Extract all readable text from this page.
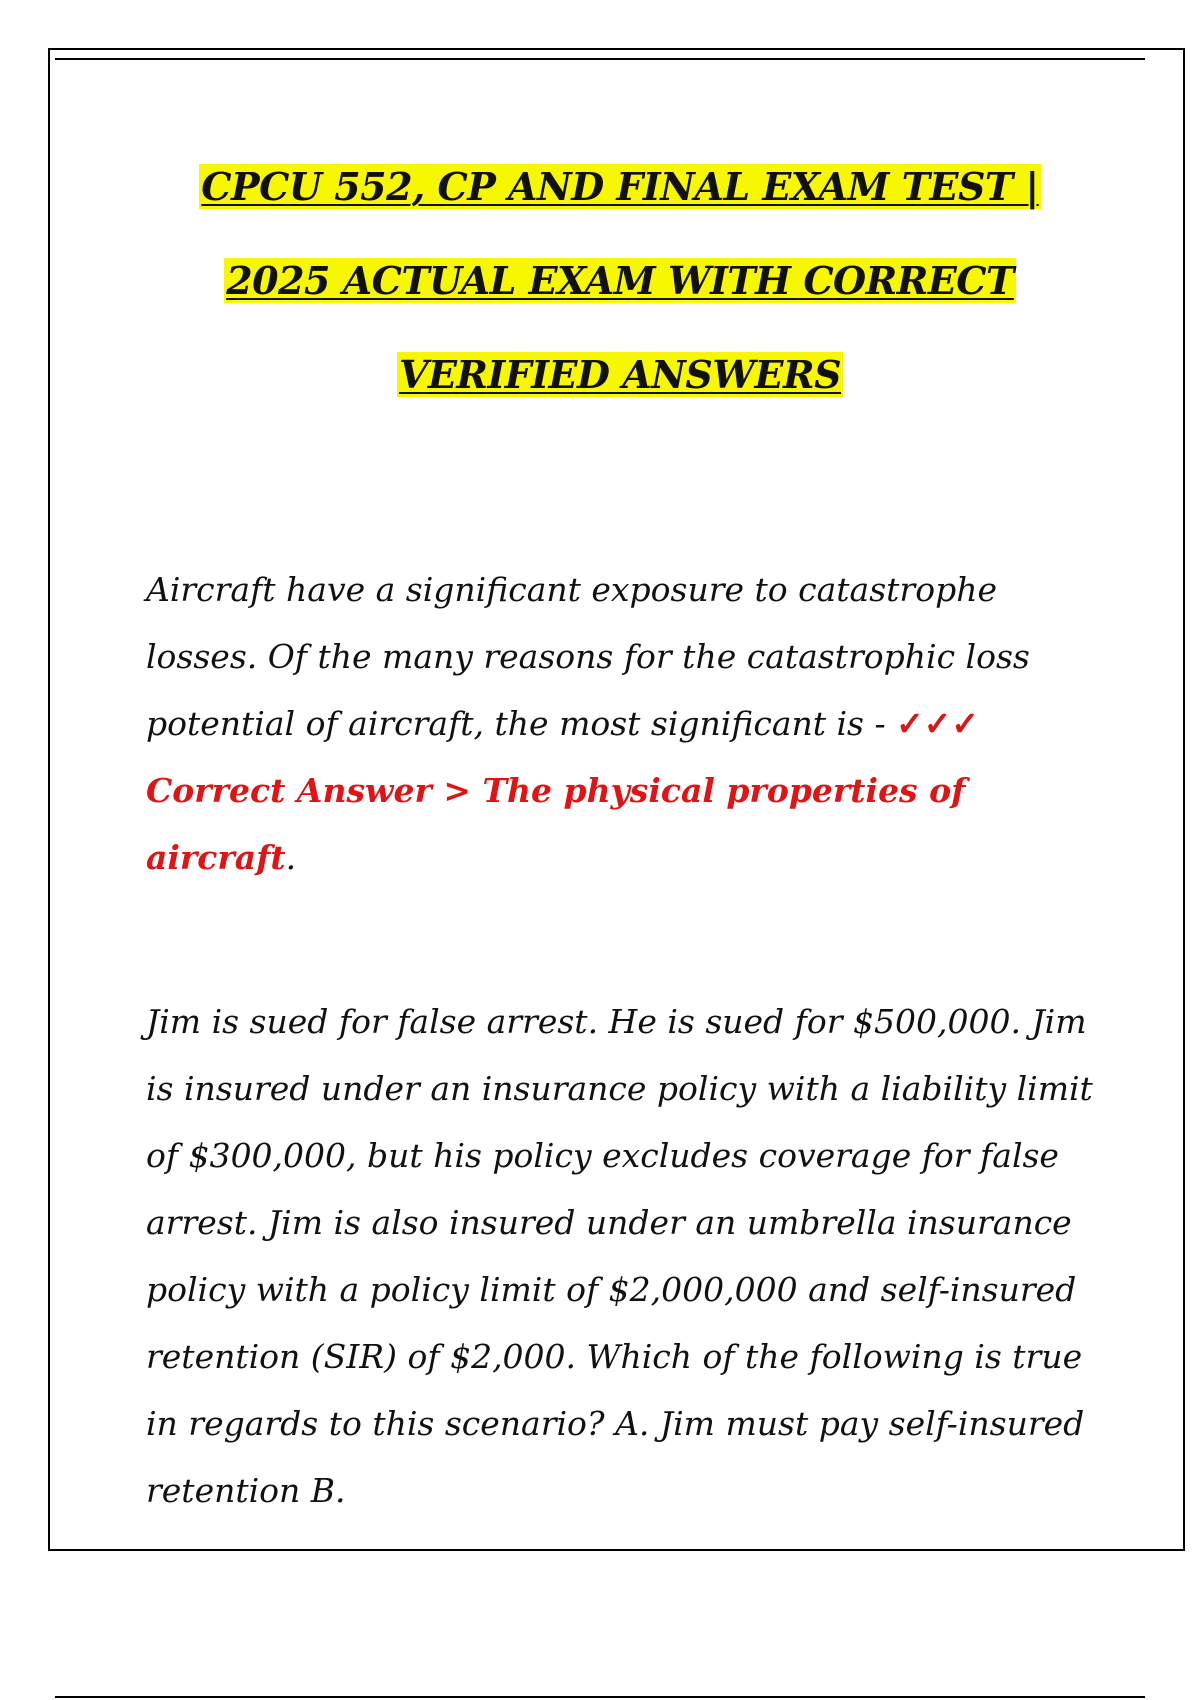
CPCU 552, CP AND FINAL EXAM TEST |
2025 ACTUAL EXAM WITH CORRECT
VERIFIED ANSWERS
Aircraft have a significant exposure to catastrophe losses. Of the many reasons for the catastrophic loss potential of aircraft, the most significant is - ✓✓✓ Correct Answer > The physical properties of aircraft.
Jim is sued for false arrest. He is sued for $500,000. Jim is insured under an insurance policy with a liability limit of $300,000, but his policy excludes coverage for false arrest. Jim is also insured under an umbrella insurance policy with a policy limit of $2,000,000 and self-insured retention (SIR) of $2,000. Which of the following is true in regards to this scenario? A. Jim must pay self-insured retention B.
